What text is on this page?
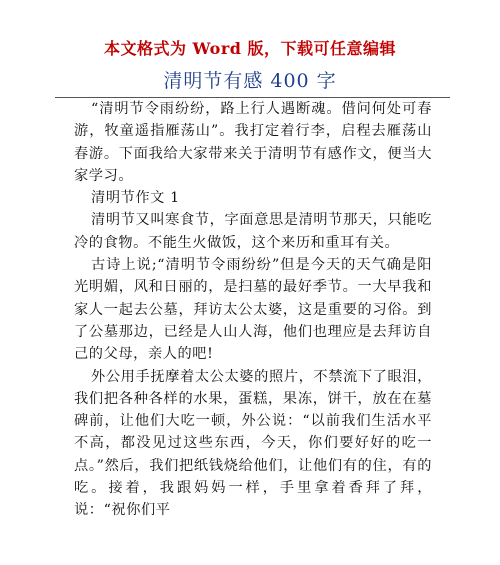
本文格式为 Word 版，下载可任意编辑
清明节有感 400 字

“清明节令雨纷纷，路上行人遇断魂。借问何处可春游，牧童遥指雁荡山”。我打定着行李，启程去雁荡山春游。下面我给大家带来关于清明节有感作文，便当大家学习。

清明节作文 1

清明节又叫寒食节，字面意思是清明节那天，只能吃冷的食物。不能生火做饭，这个来历和重耳有关。

古诗上说;“清明节令雨纷纷”但是今天的天气确是阳光明媚，风和日丽的，是扫墓的最好季节。一大早我和家人一起去公墓，拜访太公太婆，这是重要的习俗。到了公墓那边，已经是人山人海，他们也理应是去拜访自己的父母，亲人的吧!

外公用手抚摩着太公太婆的照片，不禁流下了眼泪，我们把各种各样的水果，蛋糕，果冻，饼干，放在在墓碑前，让他们大吃一顿，外公说：“以前我们生活水平不高，都没见过这些东西，今天，你们要好好的吃一点。”然后，我们把纸钱烧给他们，让他们有的住，有的吃。接着，我跟妈妈一样，手里拿着香拜了拜，说：“祝你们平
